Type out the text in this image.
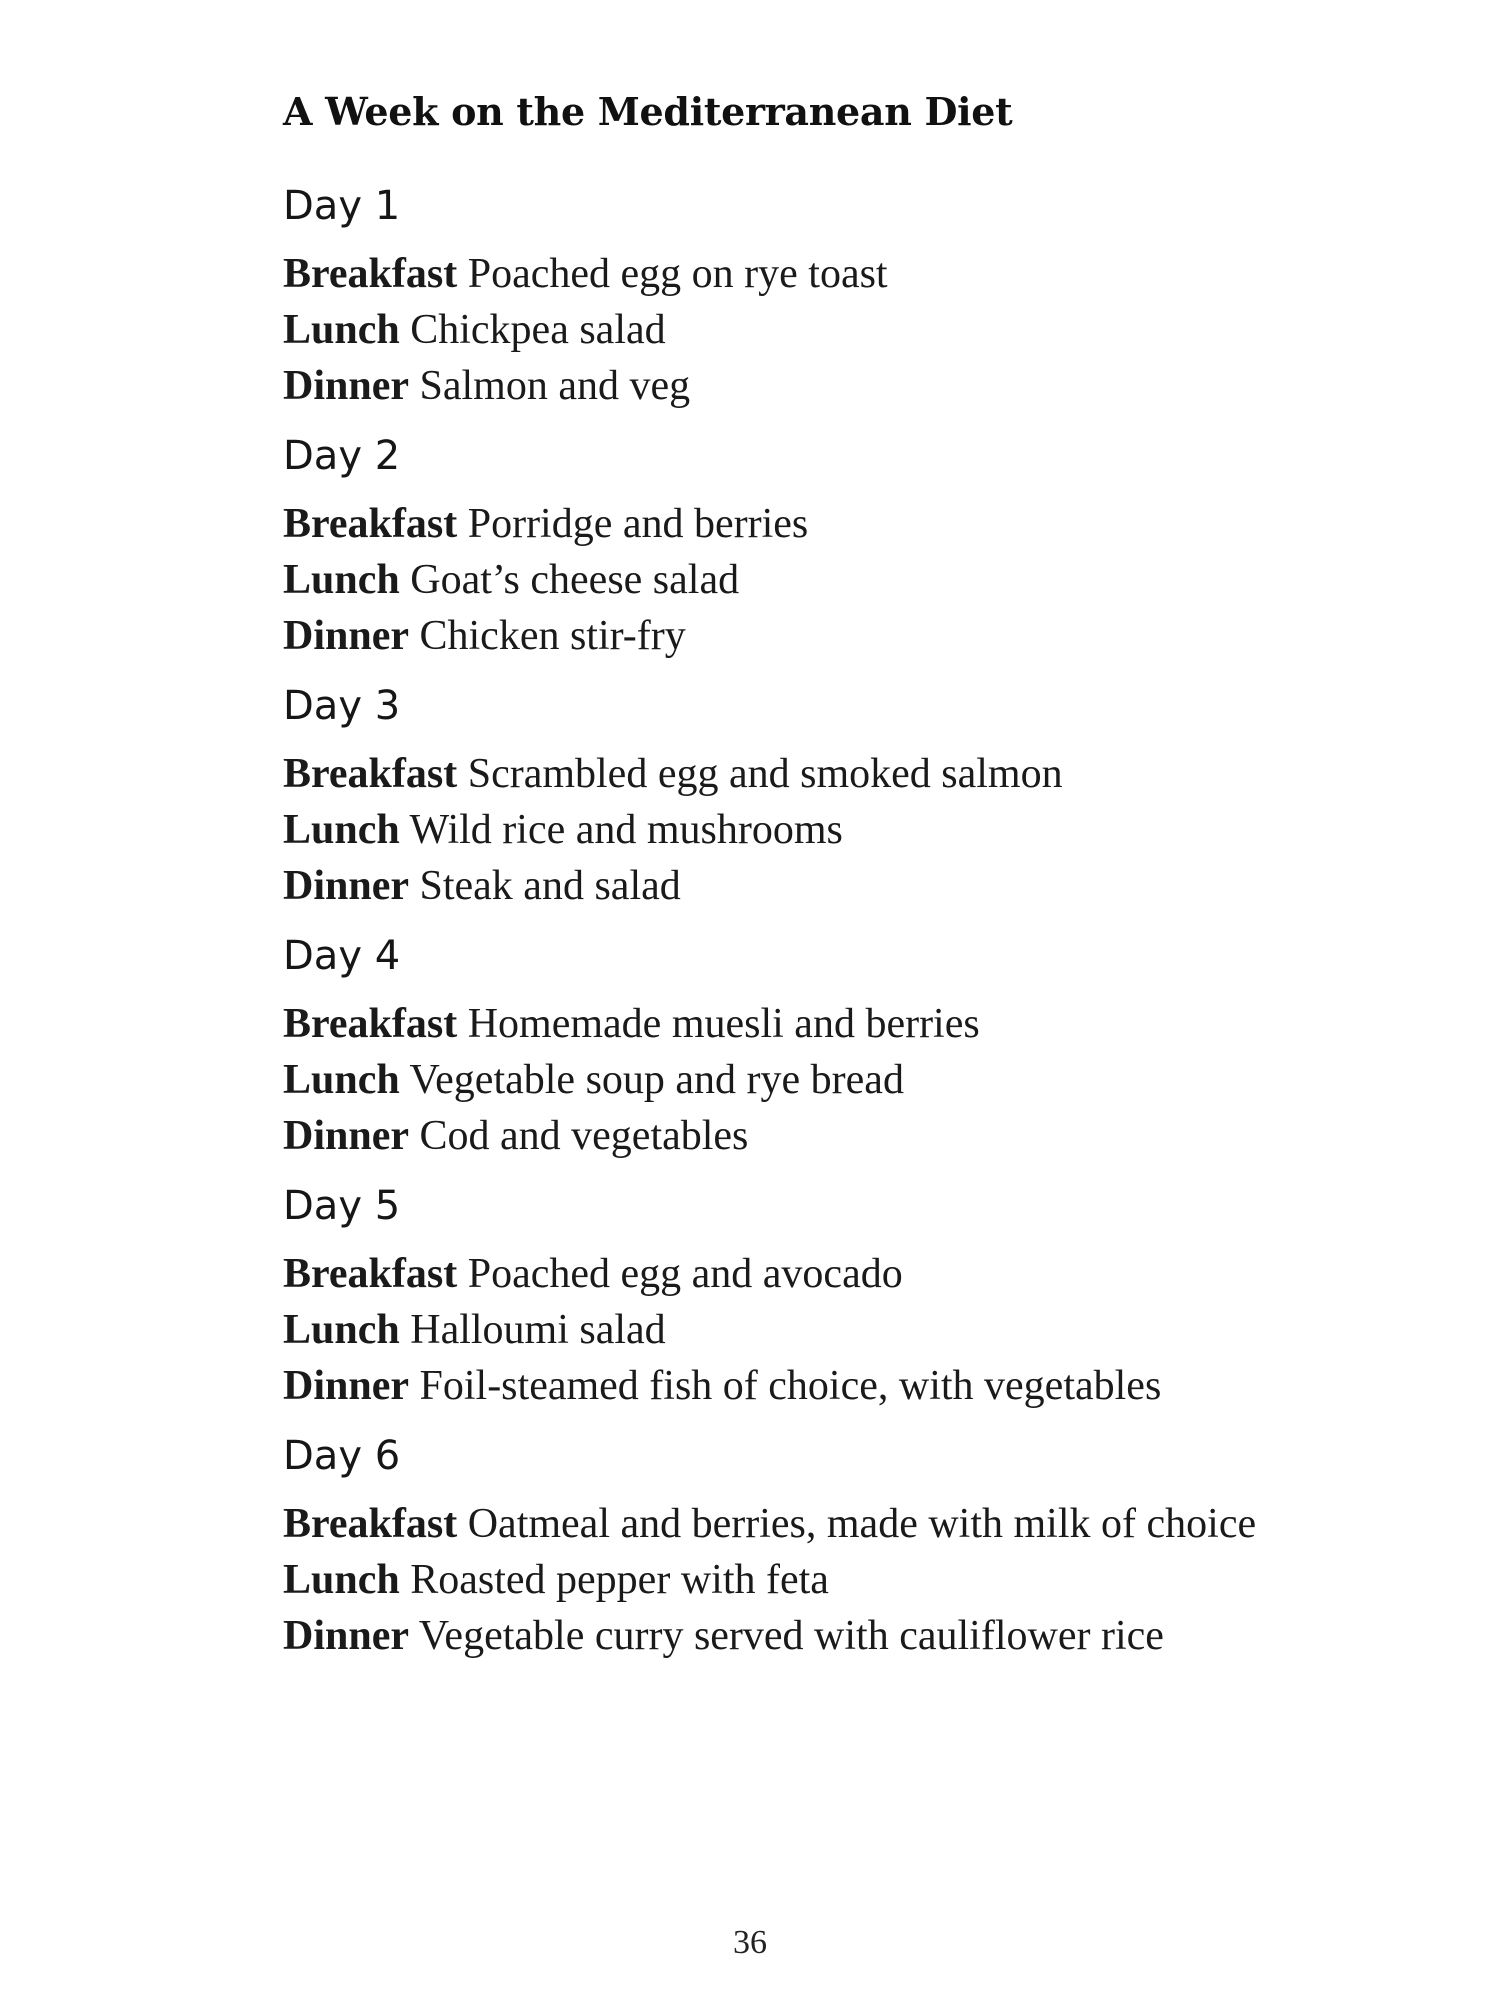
A Week on the Mediterranean Diet
Day 1

Breakfast Poached egg on rye toast

Lunch Chickpea salad

Dinner Salmon and veg

Day 2

Breakfast Porridge and berries

Lunch Goat’s cheese salad

Dinner Chicken stir-fry

Day 3

Breakfast Scrambled egg and smoked salmon

Lunch Wild rice and mushrooms

Dinner Steak and salad

Day 4

Breakfast Homemade muesli and berries

Lunch Vegetable soup and rye bread

Dinner Cod and vegetables

Day 5

Breakfast Poached egg and avocado

Lunch Halloumi salad

Dinner Foil-steamed fish of choice, with vegetables

Day 6

Breakfast Oatmeal and berries, made with milk of choice

Lunch Roasted pepper with feta

Dinner Vegetable curry served with cauliflower rice

36
